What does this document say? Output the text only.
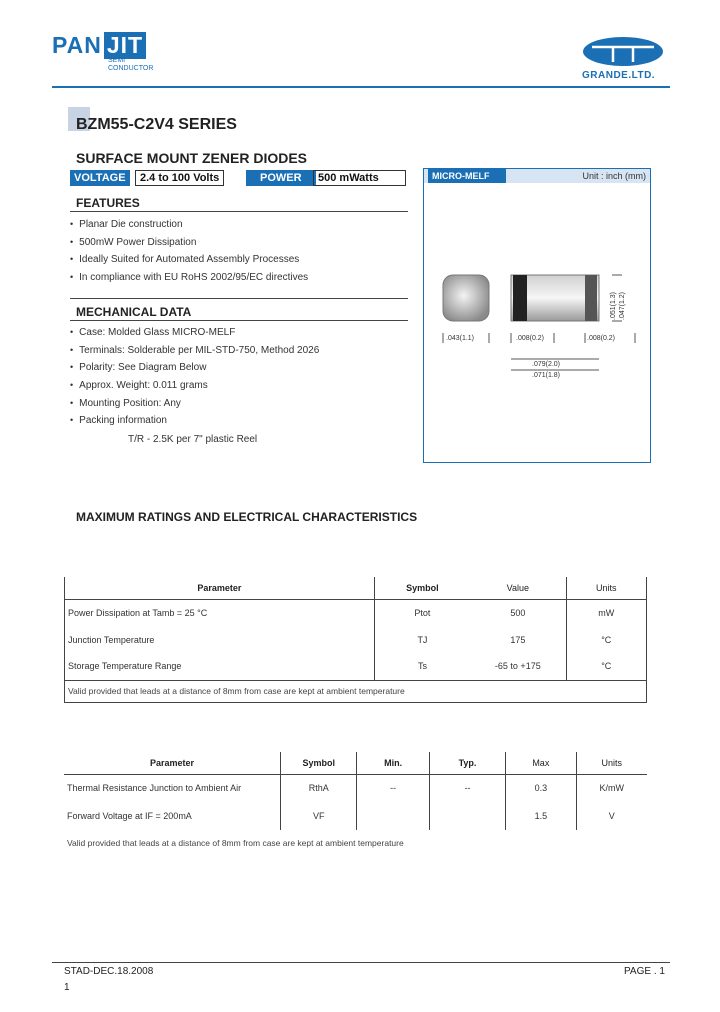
PAN JIT
SEMI
CONDUCTOR
GRANDE.LTD.
BZM55-C2V4 SERIES
SURFACE MOUNT ZENER DIODES
VOLTAGE	2.4 to 100 Volts	POWER	500 mWatts
FEATURES
• Planar Die construction
• 500mW Power Dissipation
• Ideally Suited for Automated Assembly Processes
• In compliance with EU RoHS 2002/95/EC directives
MECHANICAL DATA
• Case: Molded Glass MICRO-MELF
• Terminals: Solderable per MIL-STD-750, Method 2026
• Polarity: See Diagram Below
• Approx. Weight: 0.011 grams
• Mounting Position: Any
• Packing information
T/R - 2.5K per 7" plastic Reel
MICRO-MELF	Unit : inch (mm)
.043(1.1)	.008(0.2)	.008(0.2)
.079(2.0)
.071(1.8)
.051(1.3) .047(1.2)
MAXIMUM RATINGS AND ELECTRICAL CHARACTERISTICS
Parameter	Symbol	Value	Units
Power Dissipation at Tamb = 25 °C	Ptot	500	mW
Junction Temperature	TJ	175	°C
Storage Temperature Range	Ts	-65 to +175	°C
Valid provided that leads at a distance of 8mm from case are kept at ambient temperature			
Parameter	Symbol	Min.	Typ.	Max	Units
Thermal Resistance Junction to Ambient Air	RthA	--	--	0.3	K/mW
Forward Voltage at IF = 200mA	VF			1.5	V
Valid provided that leads at a distance of 8mm from case are kept at ambient temperature					
STAD-DEC.18.2008	PAGE . 1
1
